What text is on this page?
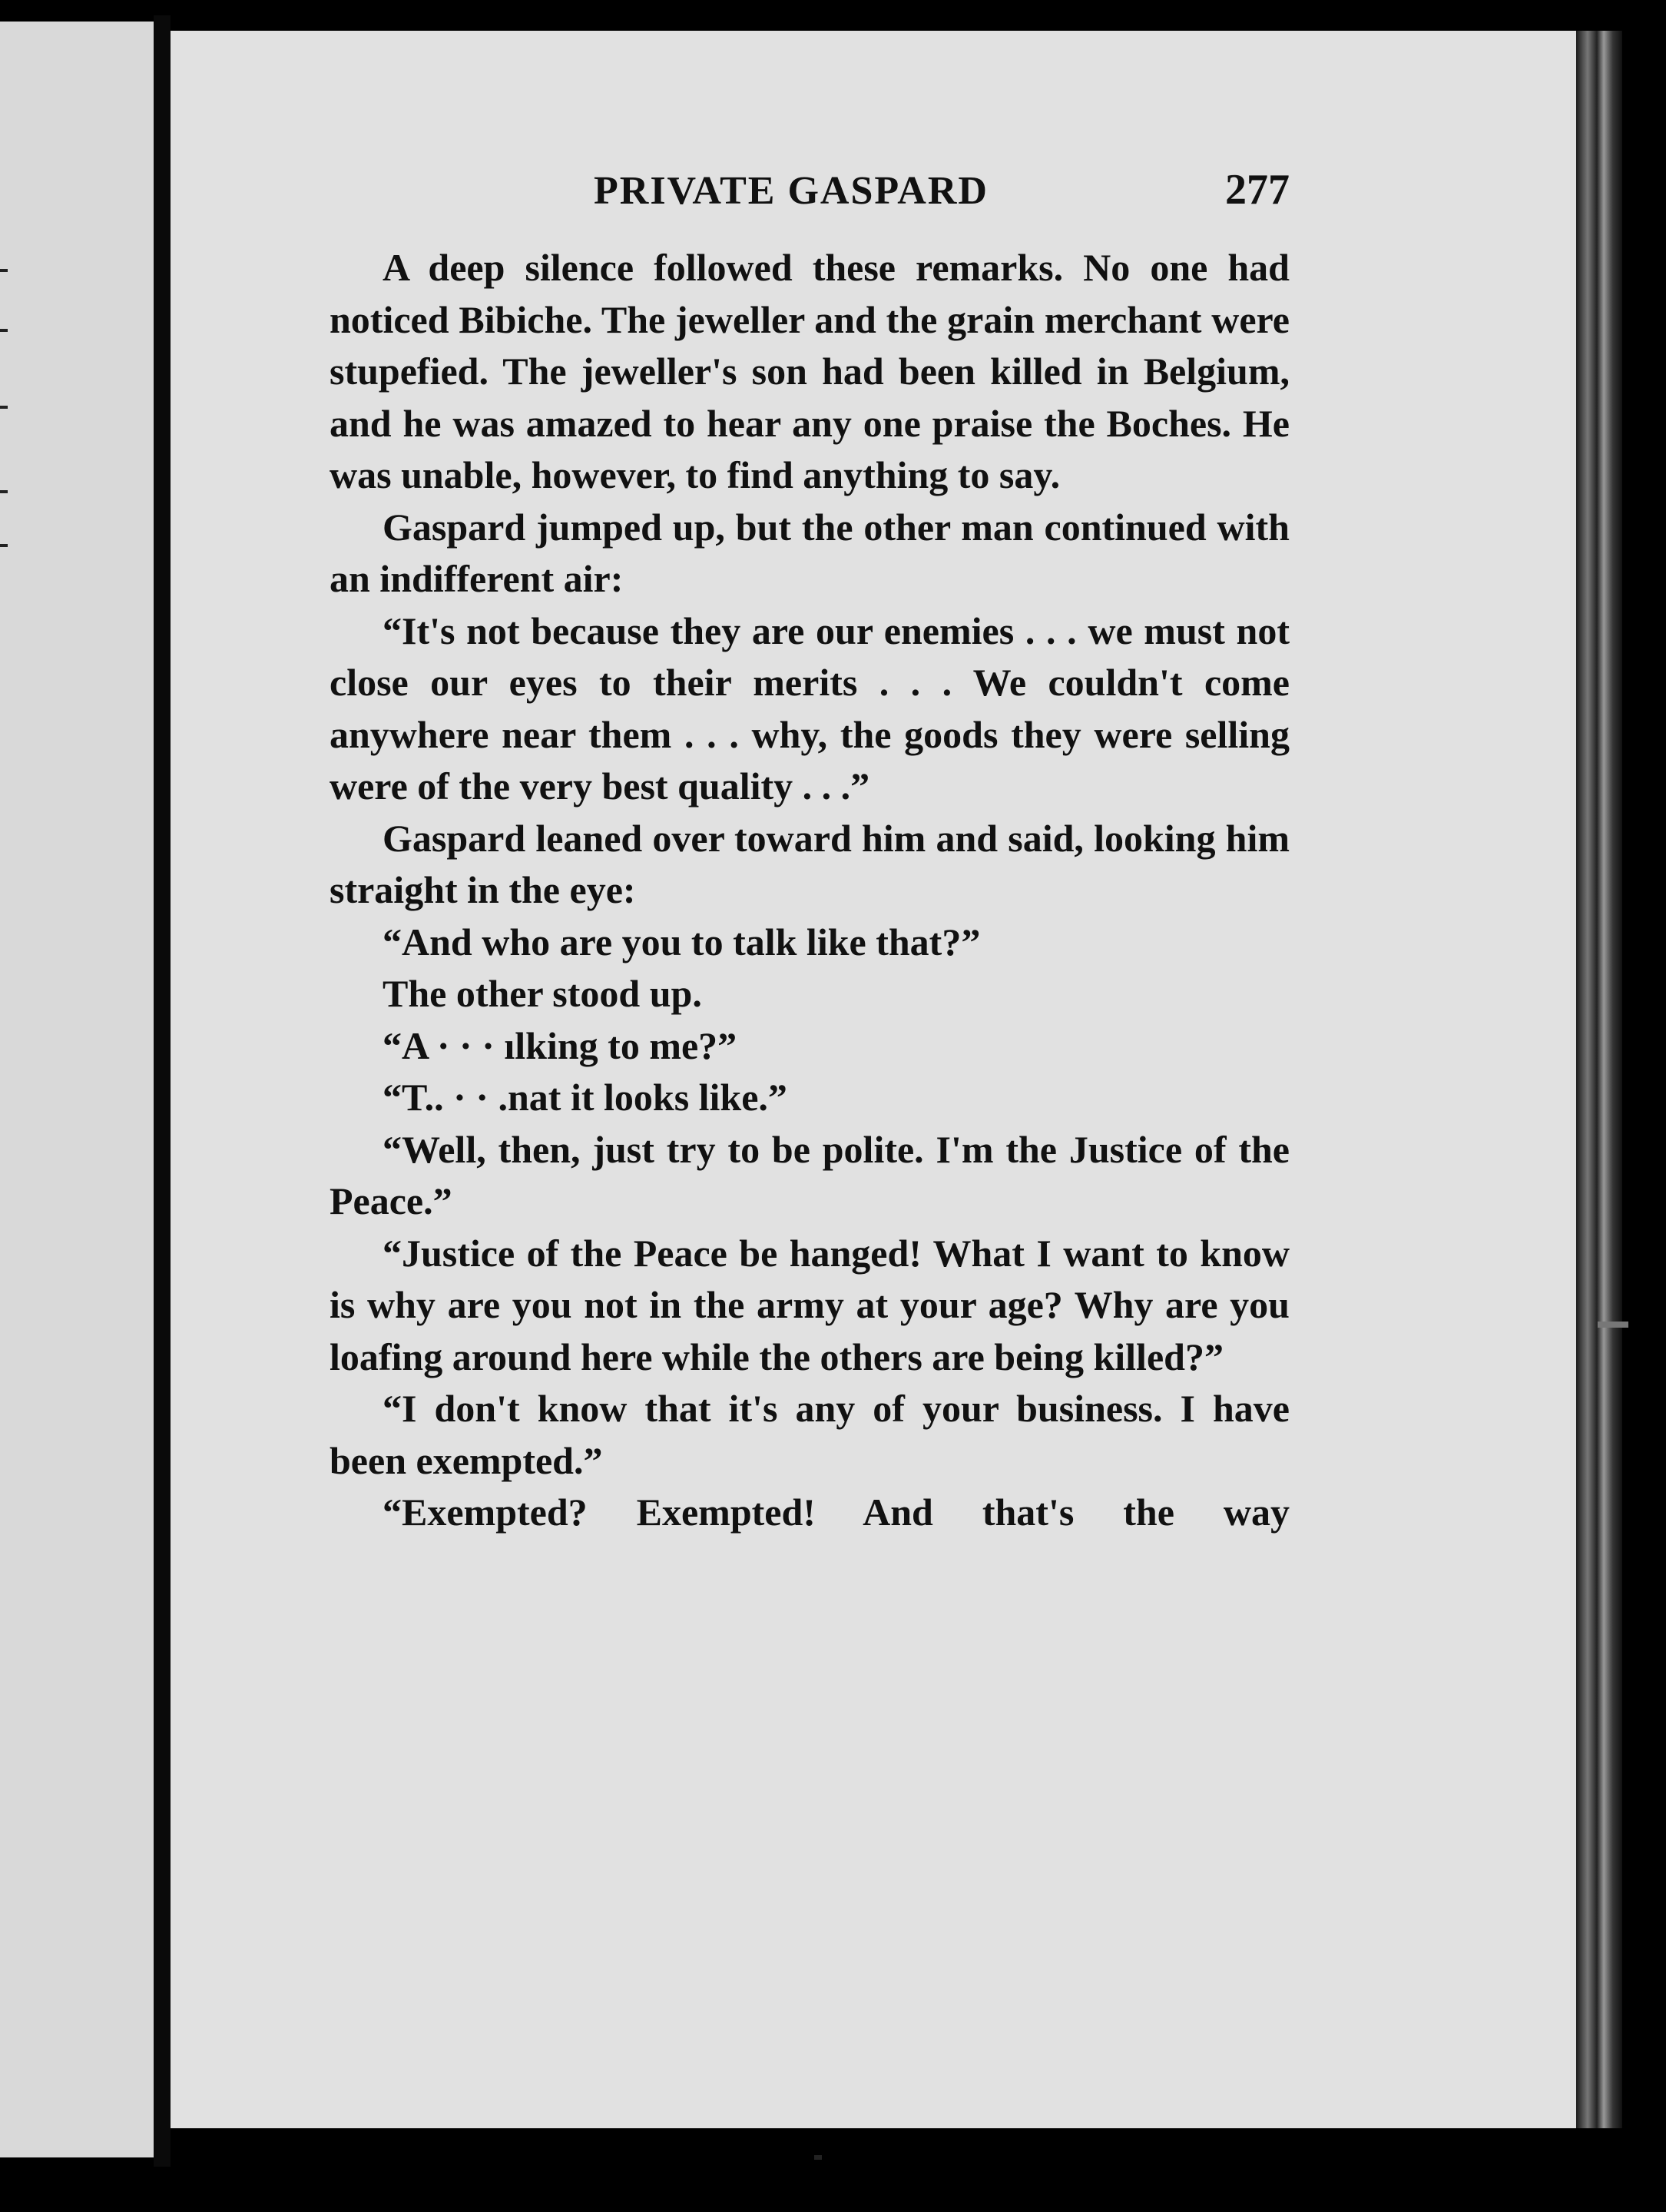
PRIVATE GASPARD	277

A deep silence followed these remarks. No one had noticed Bibiche. The jeweller and the grain merchant were stupefied. The jeweller's son had been killed in Belgium, and he was amazed to hear any one praise the Boches. He was unable, however, to find anything to say.

Gaspard jumped up, but the other man continued with an indifferent air:

“It's not because they are our enemies . . . we must not close our eyes to their merits . . . We couldn't come anywhere near them . . . why, the goods they were selling were of the very best quality . . .”

Gaspard leaned over toward him and said, looking him straight in the eye:

“And who are you to talk like that?”

The other stood up.

“A · · · ılking to me?”

“T.. · · .nat it looks like.”

“Well, then, just try to be polite. I'm the Justice of the Peace.”

“Justice of the Peace be hanged! What I want to know is why are you not in the army at your age? Why are you loafing around here while the others are being killed?”

“I don't know that it's any of your business. I have been exempted.”

“Exempted? Exempted! And that's the way
